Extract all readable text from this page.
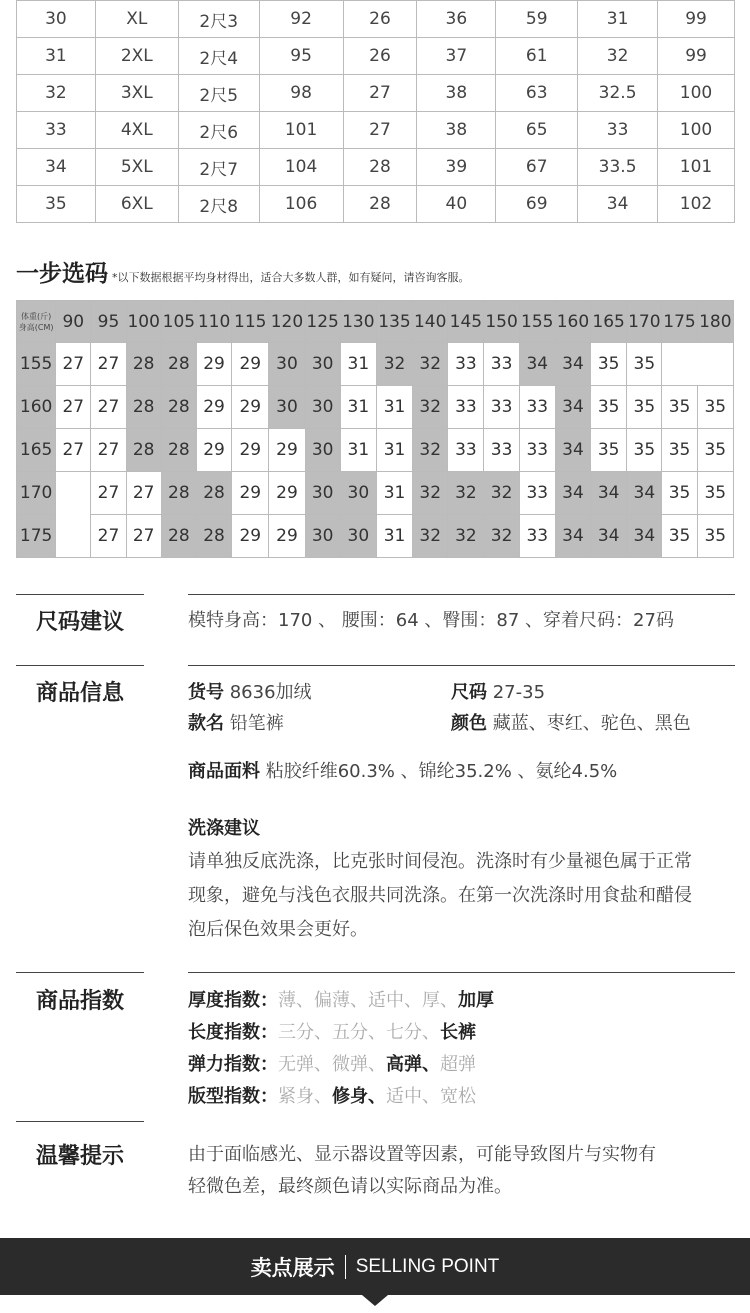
30	XL	2尺3	92	26	36	59	31	99
31	2XL	2尺4	95	26	37	61	32	99
32	3XL	2尺5	98	27	38	63	32.5	100
33	4XL	2尺6	101	27	38	65	33	100
34	5XL	2尺7	104	28	39	67	33.5	101
35	6XL	2尺8	106	28	40	69	34	102
一步选码 *以下数据根据平均身材得出，适合大多数人群，如有疑问，请咨询客服。
体重(斤)
身高(CM)	90	95	100	105	110	115	120	125	130	135	140	145	150	155	160	165	170	175	180
155	27	27	28	28	29	29	30	30	31	32	32	33	33	34	34	35	35		
160	27	27	28	28	29	29	30	30	31	31	32	33	33	33	34	35	35	35	35
165	27	27	28	28	29	29	29	30	31	31	32	33	33	33	34	35	35	35	35
170		27	27	28	28	29	29	30	30	31	32	32	32	33	34	34	34	35	35
175		27	27	28	28	29	29	30	30	31	32	32	32	33	34	34	34	35	35
尺码建议	模特身高：170 、 腰围：64 、臀围：87 、穿着尺码：27码
商品信息	货号 8636加绒	尺码 27-35
款名 铅笔裤	颜色 藏蓝、枣红、驼色、黑色
商品面料 粘胶纤维60.3% 、锦纶35.2% 、氨纶4.5%
洗涤建议
请单独反底洗涤，比克张时间侵泡。洗涤时有少量褪色属于正常
现象，避免与浅色衣服共同洗涤。在第一次洗涤时用食盐和醋侵
泡后保色效果会更好。
商品指数	厚度指数：薄、偏薄、适中、厚、加厚
长度指数：三分、五分、七分、长裤
弹力指数：无弹、微弹、高弹、超弹
版型指数：紧身、修身、适中、宽松
温馨提示	由于面临感光、显示器设置等因素，可能导致图片与实物有
轻微色差，最终颜色请以实际商品为准。
卖点展示 SELLING POINT
